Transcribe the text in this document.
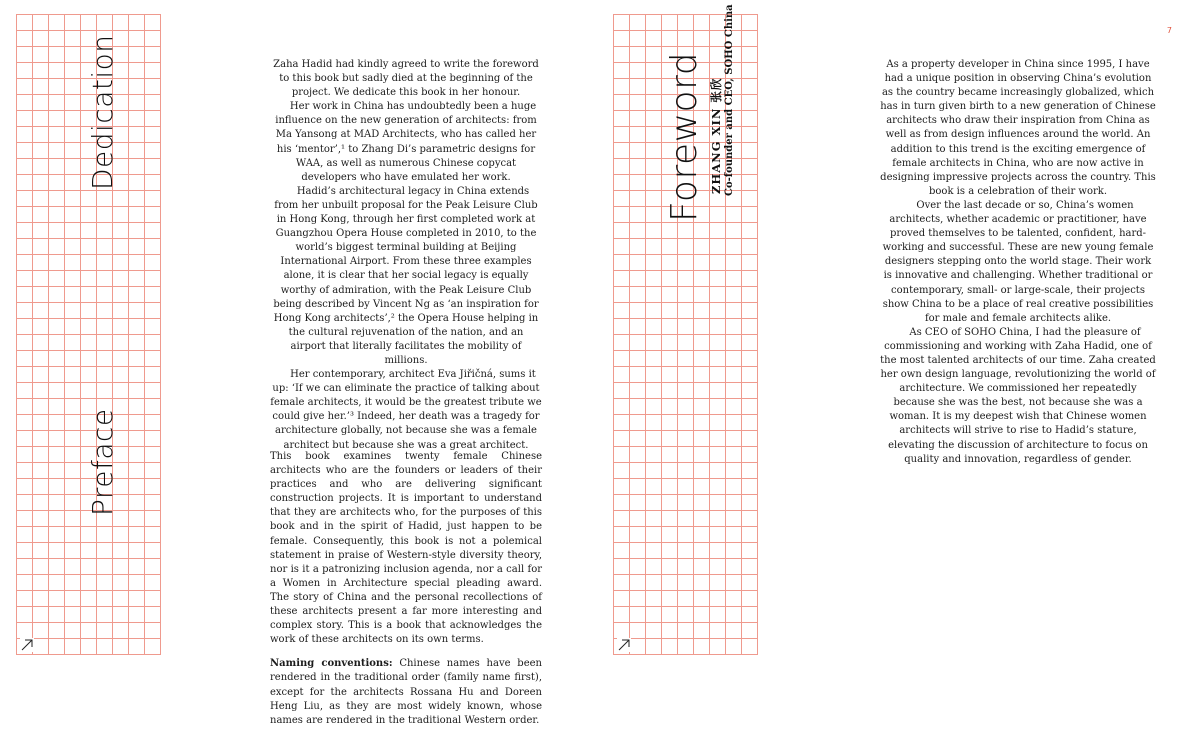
Dedication
Preface

Zaha Hadid had kindly agreed to write the foreword to this book but sadly died at the beginning of the project. We dedicate this book in her honour.

Her work in China has undoubtedly been a huge influence on the new generation of architects: from Ma Yansong at MAD Architects, who has called her his ‘mentor’,¹ to Zhang Di’s parametric designs for WAA, as well as numerous Chinese copycat developers who have emulated her work.

Hadid’s architectural legacy in China extends from her unbuilt proposal for the Peak Leisure Club in Hong Kong, through her first completed work at Guangzhou Opera House completed in 2010, to the world’s biggest terminal building at Beijing International Airport. From these three examples alone, it is clear that her social legacy is equally worthy of admiration, with the Peak Leisure Club being described by Vincent Ng as ‘an inspiration for Hong Kong architects’,² the Opera House helping in the cultural rejuvenation of the nation, and an airport that literally facilitates the mobility of millions.

Her contemporary, architect Eva Jiřičná, sums it up: ‘If we can eliminate the practice of talking about female architects, it would be the greatest tribute we could give her.’³ Indeed, her death was a tragedy for architecture globally, not because she was a female architect but because she was a great architect.

This book examines twenty female Chinese architects who are the founders or leaders of their practices and who are delivering significant construction projects. It is important to understand that they are architects who, for the purposes of this book and in the spirit of Hadid, just happen to be female. Consequently, this book is not a polemical statement in praise of Western-style diversity theory, nor is it a patronizing inclusion agenda, nor a call for a Women in Architecture special pleading award. The story of China and the personal recollections of these architects present a far more interesting and complex story. This is a book that acknowledges the work of these architects on its own terms.

Naming conventions: Chinese names have been rendered in the traditional order (family name first), except for the architects Rossana Hu and Doreen Heng Liu, as they are most widely known, whose names are rendered in the traditional Western order.

Foreword ZHANG XIN 张欣 Co-founder and CEO, SOHO China	As a property developer in China since 1995, I have had a unique position in observing China’s evolution as the country became increasingly globalized, which has in turn given birth to a new generation of Chinese architects who draw their inspiration from China as well as from design influences around the world. An addition to this trend is the exciting emergence of female architects in China, who are now active in designing impressive projects across the country. This book is a celebration of their work.

Over the last decade or so, China’s women architects, whether academic or practitioner, have proved themselves to be talented, confident, hard-working and successful. These are new young female designers stepping onto the world stage. Their work is innovative and challenging. Whether traditional or contemporary, small- or large-scale, their projects show China to be a place of real creative possibilities for male and female architects alike.

As CEO of SOHO China, I had the pleasure of commissioning and working with Zaha Hadid, one of the most talented architects of our time. Zaha created her own design language, revolutionizing the world of architecture. We commissioned her repeatedly because she was the best, not because she was a woman. It is my deepest wish that Chinese women architects will strive to rise to Hadid’s stature, elevating the discussion of architecture to focus on quality and innovation, regardless of gender.

7
